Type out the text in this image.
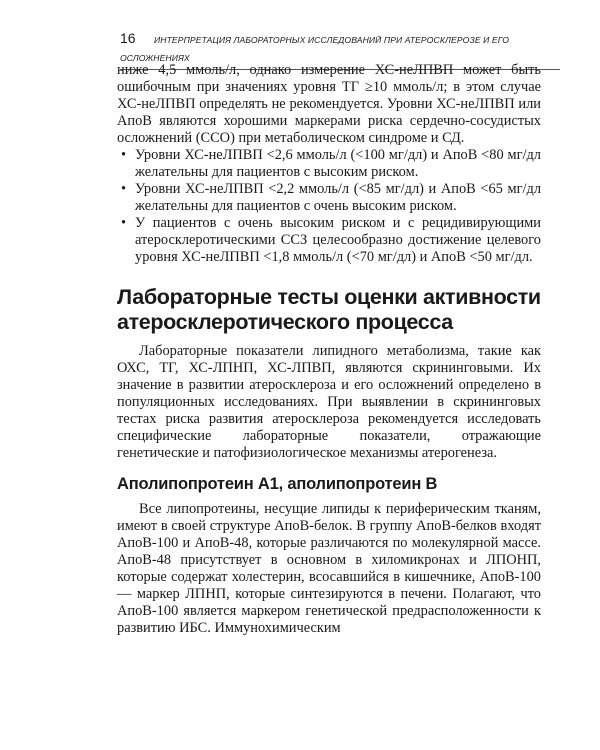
16 ИНТЕРПРЕТАЦИЯ ЛАБОРАТОРНЫХ ИССЛЕДОВАНИЙ ПРИ АТЕРОСКЛЕРОЗЕ И ЕГО ОСЛОЖНЕНИЯХ

ниже 4,5 ммоль/л, однако измерение ХС-неЛПВП может быть ошибочным при значениях уровня ТГ ≥10 ммоль/л; в этом случае ХС-неЛПВП определять не рекомендуется. Уровни ХС-неЛПВП или АпоВ являются хорошими маркерами риска сердечно-сосудистых осложнений (ССО) при метаболическом синдроме и СД.

• Уровни ХС-неЛПВП <2,6 ммоль/л (<100 мг/дл) и АпоВ <80 мг/дл желательны для пациентов с высоким риском.
• Уровни ХС-неЛПВП <2,2 ммоль/л (<85 мг/дл) и АпоВ <65 мг/дл желательны для пациентов с очень высоким риском.
• У пациентов с очень высоким риском и с рецидивирующими атеросклеротическими ССЗ целесообразно достижение целевого уровня ХС-неЛПВП <1,8 ммоль/л (<70 мг/дл) и АпоВ <50 мг/дл.
Лабораторные тесты оценки активности атеросклеротического процесса

Лабораторные показатели липидного метаболизма, такие как ОХС, ТГ, ХС-ЛПНП, ХС-ЛПВП, являются скрининговыми. Их значение в развитии атеросклероза и его осложнений определено в популяционных исследованиях. При выявлении в скрининговых тестах риска развития атеросклероза рекомендуется исследовать специфические лабораторные показатели, отражающие генетические и патофизиологическое механизмы атерогенеза.

Аполипопротеин А1, аполипопротеин В

Все липопротеины, несущие липиды к периферическим тканям, имеют в своей структуре АпоВ-белок. В группу АпоВ-белков входят АпоВ-100 и АпоВ-48, которые различаются по молекулярной массе. АпоВ-48 присутствует в основном в хиломикронах и ЛПОНП, которые содержат холестерин, всосавшийся в кишечнике, АпоВ-100 — маркер ЛПНП, которые синтезируются в печени. Полагают, что АпоВ-100 является маркером генетической предрасположенности к развитию ИБС. Иммунохимическим
